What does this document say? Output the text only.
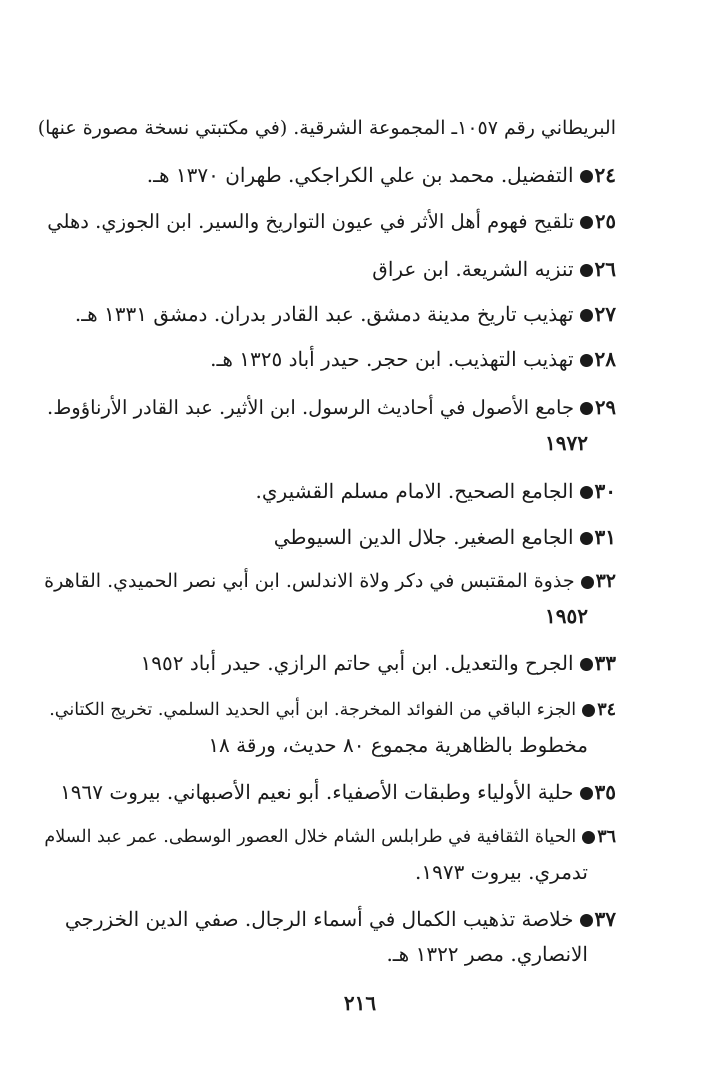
البريطاني رقم ١٠٥٧ـ المجموعة الشرقية. (في مكتبتي نسخة مصورة عنها)
٢٤التفضيل. محمد بن علي الكراجكي. طهران ١٣٧٠ هـ.
٢٥تلقيح فهوم أهل الأثر في عيون التواريخ والسير. ابن الجوزي. دهلي
٢٦تنزيه الشريعة. ابن عراق
٢٧تهذيب تاريخ مدينة دمشق. عبد القادر بدران. دمشق ١٣٣١ هـ.
٢٨تهذيب التهذيب. ابن حجر. حيدر أباد ١٣٢٥ هـ.
٢٩جامع الأصول في أحاديث الرسول. ابن الأثير. عبد القادر الأرناؤوط.
١٩٧٢
٣٠الجامع الصحيح. الامام مسلم القشيري.
٣١الجامع الصغير. جلال الدين السيوطي
٣٢جذوة المقتبس في دكر ولاة الاندلس. ابن أبي نصر الحميدي. القاهرة
١٩٥٢
٣٣الجرح والتعديل. ابن أبي حاتم الرازي. حيدر أباد ١٩٥٢
٣٤الجزء الباقي من الفوائد المخرجة. ابن أبي الحديد السلمي. تخريج الكتاني.
مخطوط بالظاهرية مجموع ٨٠ حديث، ورقة ١٨
٣٥حلية الأولياء وطبقات الأصفياء. أبو نعيم الأصبهاني. بيروت ١٩٦٧
٣٦الحياة الثقافية في طرابلس الشام خلال العصور الوسطى. عمر عبد السلام
تدمري. بيروت ١٩٧٣.
٣٧خلاصة تذهيب الكمال في أسماء الرجال. صفي الدين الخزرجي
الانصاري. مصر ١٣٢٢ هـ.
٢١٦
